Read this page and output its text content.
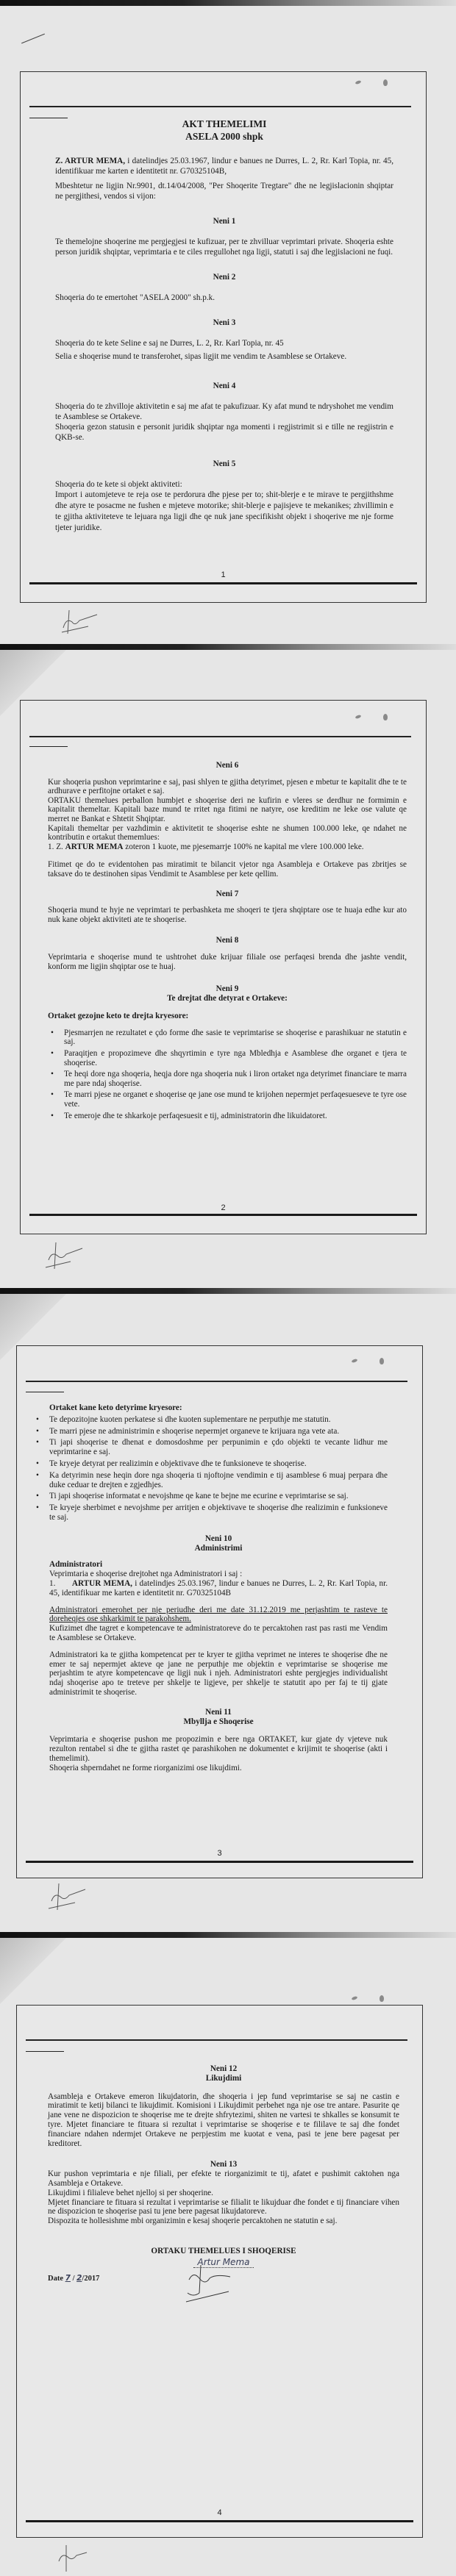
AKT THEMELIMI
ASELA 2000 shpk

Z. ARTUR MEMA, i datelindjes 25.03.1967, lindur e banues ne Durres, L. 2, Rr. Karl Topia, nr. 45, identifikuar me karten e identitetit nr. G70325104B,

Mbeshtetur ne ligjin Nr.9901, dt.14/04/2008, "Per Shoqerite Tregtare" dhe ne legjislacionin shqiptar ne pergjithesi, vendos si vijon:

Neni 1

Te themelojne shoqerine me pergjegjesi te kufizuar, per te zhvilluar veprimtari private. Shoqeria eshte person juridik shqiptar, veprimtaria e te ciles rregullohet nga ligji, statuti i saj dhe legjislacioni ne fuqi.

Neni 2

Shoqeria do te emertohet "ASELA 2000" sh.p.k.

Neni 3

Shoqeria do te kete Seline e saj ne Durres, L. 2, Rr. Karl Topia, nr. 45

Selia e shoqerise mund te transferohet, sipas ligjit me vendim te Asamblese se Ortakeve.

Neni 4

Shoqeria do te zhvilloje aktivitetin e saj me afat te pakufizuar. Ky afat mund te ndryshohet me vendim te Asamblese se Ortakeve.

Shoqeria gezon statusin e personit juridik shqiptar nga momenti i regjistrimit si e tille ne regjistrin e QKB-se.

Neni 5

Shoqeria do te kete si objekt aktiviteti:

Import i automjeteve te reja ose te perdorura dhe pjese per to; shit-blerje e te mirave te pergjithshme dhe atyre te posacme ne fushen e mjeteve motorike; shit-blerje e pajisjeve te mekanikes; zhvillimin e te gjitha aktiviteteve te lejuara nga ligji dhe qe nuk jane specifikisht objekt i shoqerive me nje forme tjeter juridike.

1
Neni 6

Kur shoqeria pushon veprimtarine e saj, pasi shlyen te gjitha detyrimet, pjesen e mbetur te kapitalit dhe te te ardhurave e perfitojne ortaket e saj.

ORTAKU themelues perballon humbjet e shoqerise deri ne kufirin e vleres se derdhur ne formimin e kapitalit themeltar. Kapitali baze mund te rritet nga fitimi ne natyre, ose kreditim ne leke ose valute qe merret ne Bankat e Shtetit Shqiptar.

Kapitali themeltar per vazhdimin e aktivitetit te shoqerise eshte ne shumen 100.000 leke, qe ndahet ne kontributin e ortakut thememlues:

1. Z. ARTUR MEMA zoteron 1 kuote, me pjesemarrje 100% ne kapital me vlere 100.000 leke.

Fitimet qe do te evidentohen pas miratimit te bilancit vjetor nga Asambleja e Ortakeve pas zbritjes se taksave do te destinohen sipas Vendimit te Asamblese per kete qellim.

Neni 7

Shoqeria mund te hyje ne veprimtari te perbashketa me shoqeri te tjera shqiptare ose te huaja edhe kur ato nuk kane objekt aktiviteti ate te shoqerise.

Neni 8

Veprimtaria e shoqerise mund te ushtrohet duke krijuar filiale ose perfaqesi brenda dhe jashte vendit, konform me ligjin shqiptar ose te huaj.

Neni 9
Te drejtat dhe detyrat e Ortakeve:

Ortaket gezojne keto te drejta kryesore:

• Pjesmarrjen ne rezultatet e çdo forme dhe sasie te veprimtarise se shoqerise e parashikuar ne statutin e saj.
• Paraqitjen e propozimeve dhe shqyrtimin e tyre nga Mbledhja e Asamblese dhe organet e tjera te shoqerise.
• Te heqi dore nga shoqeria, heqja dore nga shoqeria nuk i liron ortaket nga detyrimet financiare te marra me pare ndaj shoqerise.
• Te marri pjese ne organet e shoqerise qe jane ose mund te krijohen nepermjet perfaqesueseve te tyre ose vete.
• Te emeroje dhe te shkarkoje perfaqesuesit e tij, administratorin dhe likuidatoret.
2

Ortaket kane keto detyrime kryesore:

• Te depozitojne kuoten perkatese si dhe kuoten suplementare ne perputhje me statutin.
• Te marri pjese ne administrimin e shoqerise nepermjet organeve te krijuara nga vete ata.
• Ti japi shoqerise te dhenat e domosdoshme per perpunimin e çdo objekti te vecante lidhur me veprimtarine e saj.
• Te kryeje detyrat per realizimin e objektivave dhe te funksioneve te shoqerise.
• Ka detyrimin nese heqin dore nga shoqeria ti njoftojne vendimin e tij asamblese 6 muaj perpara dhe duke ceduar te drejten e zgjedhjes.
• Ti japi shoqerise informatat e nevojshme qe kane te bejne me ecurine e veprimtarise se saj.
• Te kryeje sherbimet e nevojshme per arritjen e objektivave te shoqerise dhe realizimin e funksioneve te saj.
Neni 10
Administrimi

Administratori

Veprimtaria e shoqerise drejtohet nga Administratori i saj :

1. ARTUR MEMA, i datelindjes 25.03.1967, lindur e banues ne Durres, L. 2, Rr. Karl Topia, nr. 45, identifikuar me karten e identitetit nr. G70325104B

Administratori emerohet per nje periudhe deri me date 31.12.2019 me perjashtim te rasteve te doreheqjes ose shkarkimit te parakohshem.

Kufizimet dhe tagret e kompetencave te administratoreve do te percaktohen rast pas rasti me Vendim te Asamblese se Ortakeve.

Administratori ka te gjitha kompetencat per te kryer te gjitha veprimet ne interes te shoqerise dhe ne emer te saj nepermjet akteve qe jane ne perputhje me objektin e veprimtarise se shoqerise me perjashtim te atyre kompetencave qe ligji nuk i njeh. Administratori eshte pergjegjes individualisht ndaj shoqerise apo te treteve per shkelje te ligjeve, per shkelje te statutit apo per faj te tij gjate administrimit te shoqerise.

Neni 11
Mbyllja e Shoqerise

Veprimtaria e shoqerise pushon me propozimin e bere nga ORTAKET, kur gjate dy vjeteve nuk rezulton rentabel si dhe te gjitha rastet qe parashikohen ne dokumentet e krijimit te shoqerise (akti i themelimit).

Shoqeria shperndahet ne forme riorganizimi ose likujdimi.

3
Neni 12
Likujdimi

Asambleja e Ortakeve emeron likujdatorin, dhe shoqeria i jep fund veprimtarise se saj ne castin e miratimit te ketij bilanci te likujdimit. Komisioni i Likujdimit perbehet nga nje ose tre antare. Pasurite qe jane vene ne dispozicion te shoqerise me te drejte shfrytezimi, shiten ne vartesi te shkalles se konsumit te tyre. Mjetet financiare te fituara si rezultat i veprimtarise se shoqerise e te fililave te saj dhe fondet financiare ndahen ndermjet Ortakeve ne perpjestim me kuotat e vena, pasi te jene bere pagesat per kreditoret.

Neni 13

Kur pushon veprimtaria e nje filiali, per efekte te riorganizimit te tij, afatet e pushimit caktohen nga Asambleja e Ortakeve.

Likujdimi i filialeve behet njelloj si per shoqerine.

Mjetet financiare te fituara si rezultat i veprimtarise se filialit te likujduar dhe fondet e tij financiare vihen ne dispozicion te shoqerise pasi tu jene bere pagesat likujdatoreve.

Dispozita te hollesishme mbi organizimin e kesaj shoqerie percaktohen ne statutin e saj.

ORTAKU THEMELUES I SHOQERISE
Artur Mema
Date 7 / 2/2017
4
